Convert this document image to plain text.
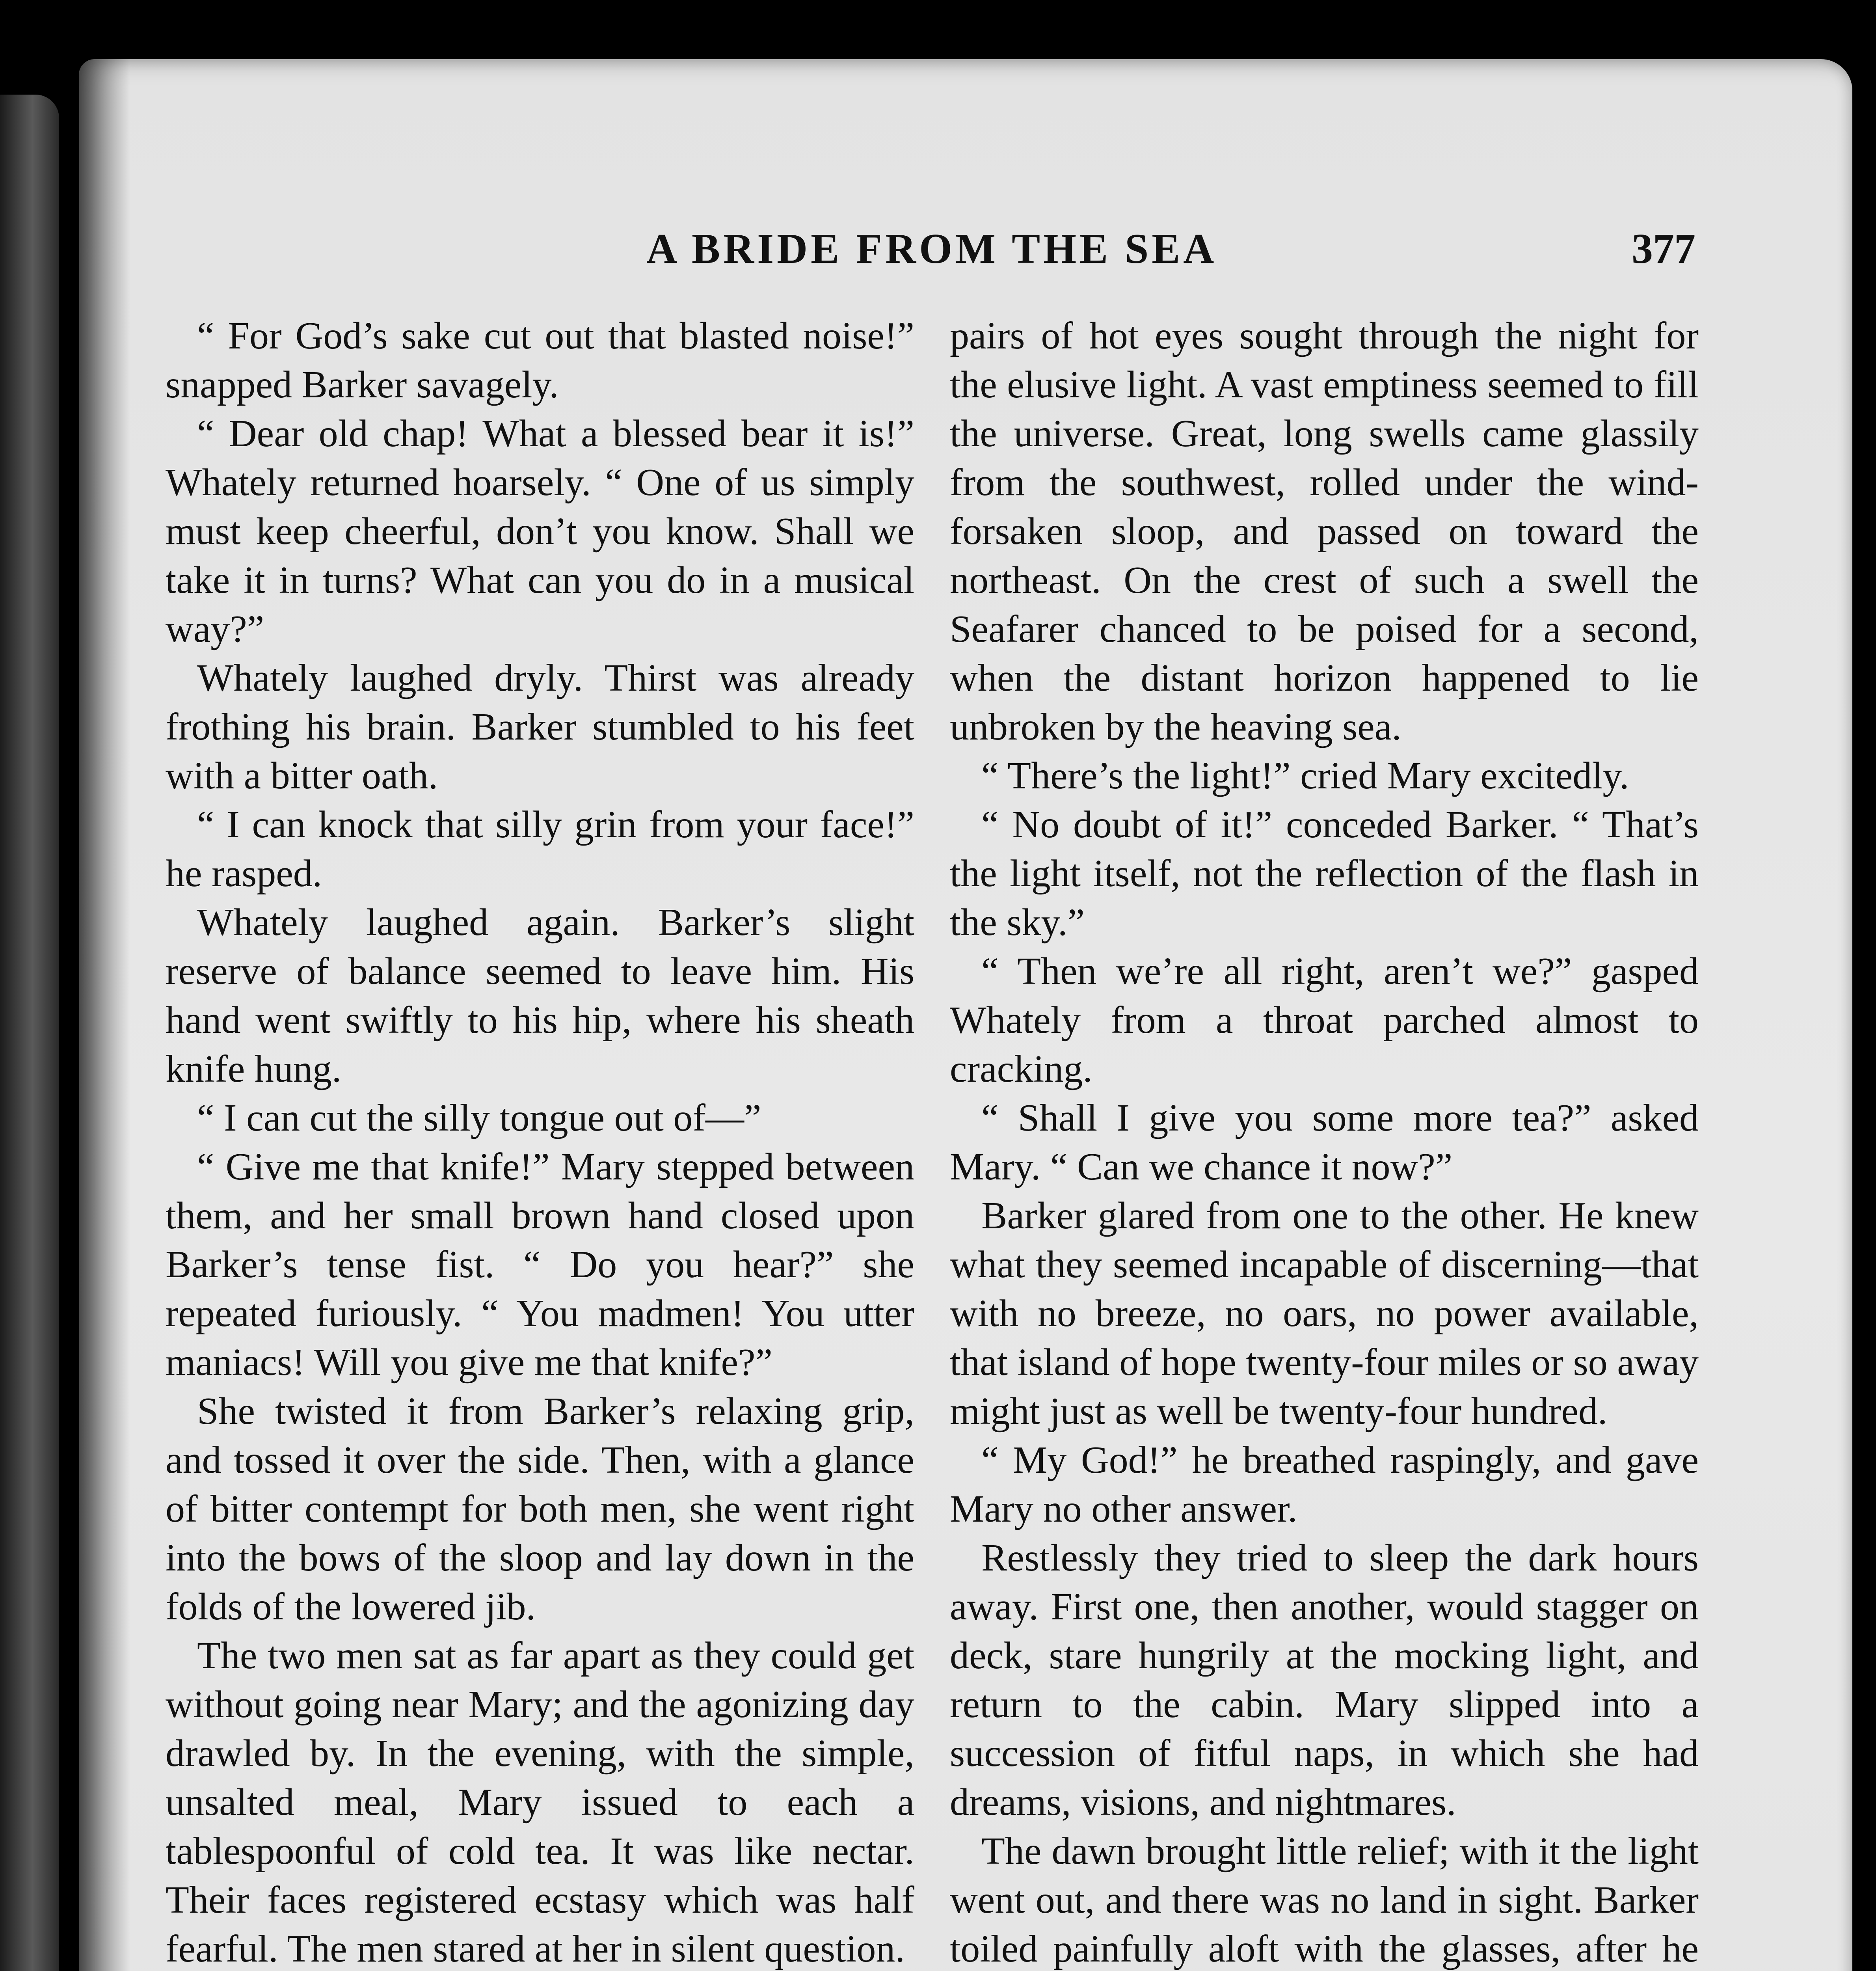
A BRIDE FROM THE SEA	377

“ For God’s sake cut out that blasted noise!” snapped Barker savagely.

“ Dear old chap! What a blessed bear it is!” Whately returned hoarsely. “ One of us simply must keep cheerful, don’t you know. Shall we take it in turns? What can you do in a musical way?”

Whately laughed dryly. Thirst was already frothing his brain. Barker stumbled to his feet with a bitter oath.

“ I can knock that silly grin from your face!” he rasped.

Whately laughed again. Barker’s slight reserve of balance seemed to leave him. His hand went swiftly to his hip, where his sheath knife hung.

“ I can cut the silly tongue out of—”

“ Give me that knife!” Mary stepped between them, and her small brown hand closed upon Barker’s tense fist. “ Do you hear?” she repeated furiously. “ You madmen! You utter maniacs! Will you give me that knife?”

She twisted it from Barker’s relaxing grip, and tossed it over the side. Then, with a glance of bitter contempt for both men, she went right into the bows of the sloop and lay down in the folds of the lowered jib.

The two men sat as far apart as they could get without going near Mary; and the agonizing day drawled by. In the evening, with the simple, unsalted meal, Mary issued to each a tablespoonful of cold tea. It was like nectar. Their faces registered ecstasy which was half fearful. The men stared at her in silent question.

pairs of hot eyes sought through the night for the elusive light. A vast emptiness seemed to fill the universe. Great, long swells came glassily from the southwest, rolled under the wind-forsaken sloop, and passed on toward the northeast. On the crest of such a swell the Seafarer chanced to be poised for a second, when the distant horizon happened to lie unbroken by the heaving sea.

“ There’s the light!” cried Mary excitedly.

“ No doubt of it!” conceded Barker. “ That’s the light itself, not the reflection of the flash in the sky.”

“ Then we’re all right, aren’t we?” gasped Whately from a throat parched almost to cracking.

“ Shall I give you some more tea?” asked Mary. “ Can we chance it now?”

Barker glared from one to the other. He knew what they seemed incapable of discerning—that with no breeze, no oars, no power available, that island of hope twenty-four miles or so away might just as well be twenty-four hundred.

“ My God!” he breathed raspingly, and gave Mary no other answer.

Restlessly they tried to sleep the dark hours away. First one, then another, would stagger on deck, stare hungrily at the mocking light, and return to the cabin. Mary slipped into a succession of fitful naps, in which she had dreams, visions, and nightmares.

The dawn brought little relief; with it the light went out, and there was no land in sight. Barker toiled painfully aloft with the glasses, after he
